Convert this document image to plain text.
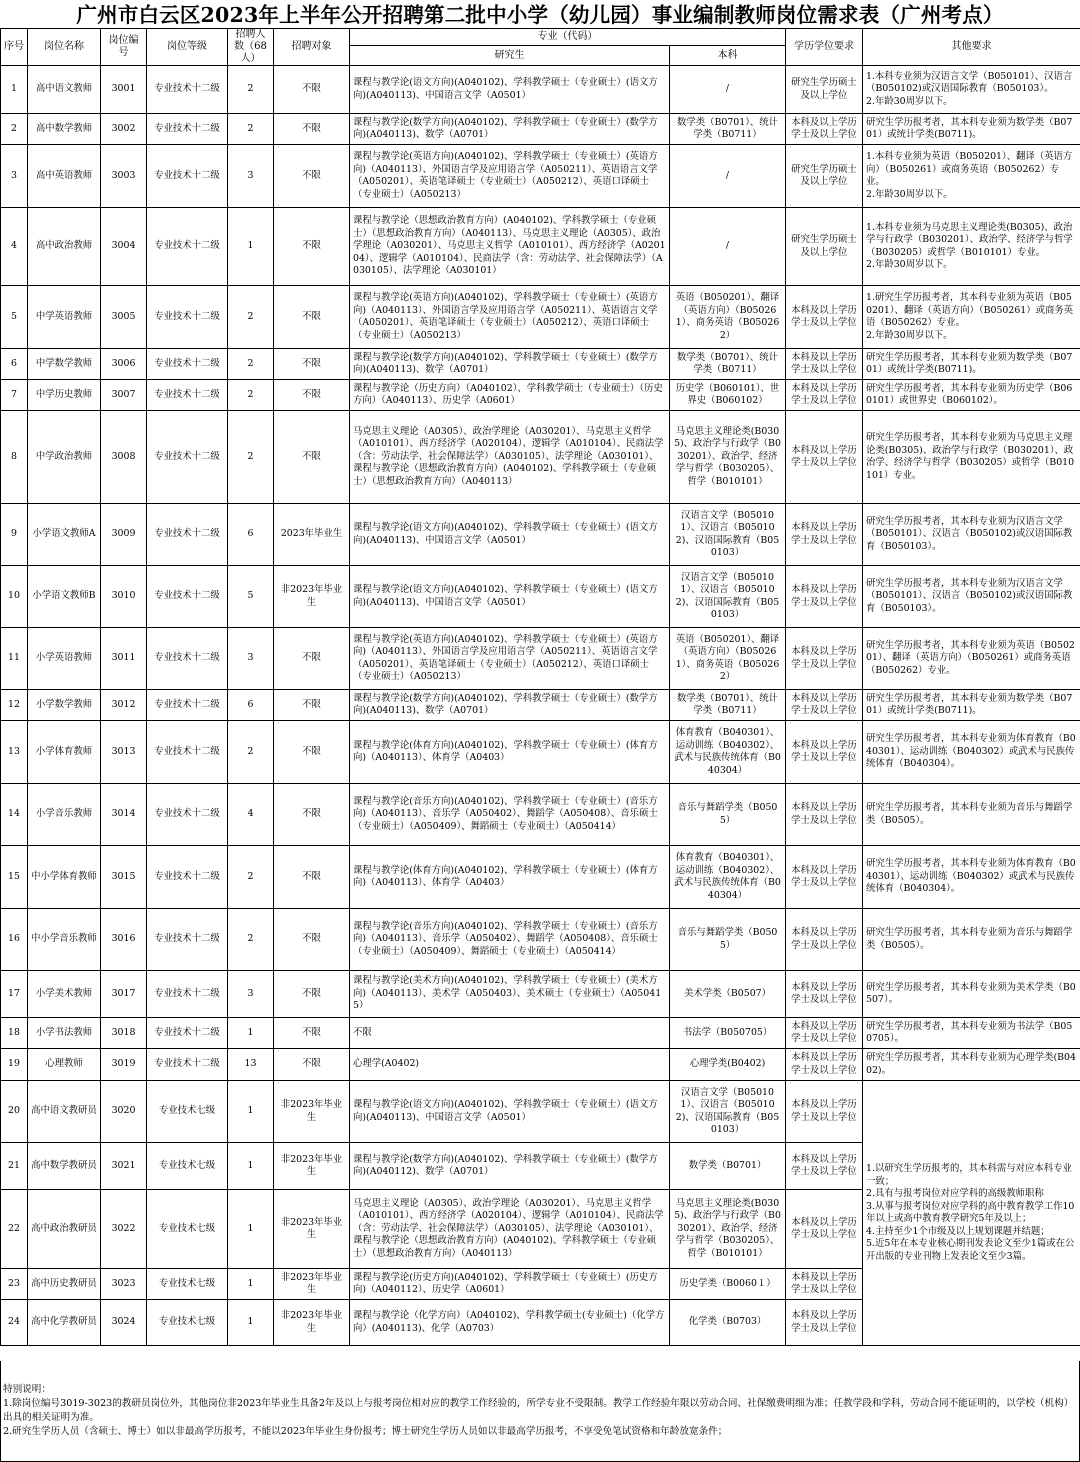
广州市白云区2023年上半年公开招聘第二批中小学（幼儿园）事业编制教师岗位需求表（广州考点）
序号	岗位名称	岗位编号	岗位等级	招聘人数（68人）	招聘对象	专业（代码）		学历学位要求	其他要求
						研究生	本科		
1	高中语文教师	3001	专业技术十二级	2	不限	课程与教学论(语文方向)(A040102)、学科教学硕士（专业硕士）(语文方向)(A040113)、中国语言文学（A0501）	/	研究生学历硕士及以上学位	1.本科专业须为汉语言文学（B050101）、汉语言（B050102)或汉语国际教育（B050103）。
2.年龄30周岁以下。
2	高中数学教师	3002	专业技术十二级	2	不限	课程与教学论(数学方向)(A040102)、学科教学硕士（专业硕士）(数学方向)(A040113)、数学（A0701）	数学类（B0701）、统计学类（B0711）	本科及以上学历学士及以上学位	研究生学历报考者，其本科专业须为数学类（B0701）或统计学类(B0711)。
3	高中英语教师	3003	专业技术十二级	3	不限	课程与教学论(英语方向)(A040102)、学科教学硕士（专业硕士）(英语方向)（A040113）、外国语言学及应用语言学（A050211）、英语语言文学（A050201）、英语笔译硕士（专业硕士）（A050212）、英语口译硕士（专业硕士）（A050213）	/	研究生学历硕士及以上学位	1.本科专业须为英语（B050201）、翻译（英语方向）（B050261）或商务英语（B050262）专业。
2.年龄30周岁以下。
4	高中政治教师	3004	专业技术十二级	1	不限	课程与教学论（思想政治教育方向）(A040102)、学科教学硕士（专业硕士）（思想政治教育方向）（A040113）、马克思主义理论（A0305）、政治学理论（A030201）、马克思主义哲学（A010101）、西方经济学（A020104）、逻辑学（A010104）、民商法学（含：劳动法学、社会保障法学）（A030105）、法学理论（A030101）	/	研究生学历硕士及以上学位	1.本科专业须为马克思主义理论类(B0305)、政治学与行政学（B030201）、政治学、经济学与哲学（B030205）或哲学（B010101）专业。
2.年龄30周岁以下。
5	中学英语教师	3005	专业技术十二级	2	不限	课程与教学论(英语方向)(A040102)、学科教学硕士（专业硕士）(英语方向)（A040113）、外国语言学及应用语言学（A050211）、英语语言文学（A050201）、英语笔译硕士（专业硕士）（A050212）、英语口译硕士（专业硕士）（A050213）	英语（B050201）、翻译（英语方向）（B050261）、商务英语（B050262）	本科及以上学历学士及以上学位	1.研究生学历报考者，其本科专业须为英语（B050201）、翻译（英语方向）（B050261）或商务英语（B050262）专业。
2.年龄30周岁以下。
6	中学数学教师	3006	专业技术十二级	2	不限	课程与教学论(数学方向)(A040102)、学科教学硕士（专业硕士）(数学方向)(A040113)、数学（A0701）	数学类（B0701）、统计学类（B0711）	本科及以上学历学士及以上学位	研究生学历报考者，其本科专业须为数学类（B0701）或统计学类(B0711)。
7	中学历史教师	3007	专业技术十二级	2	不限	课程与教学论（历史方向）（A040102）、学科教学硕士（专业硕士）（历史方向）（A040113）、历史学（A0601）	历史学（B060101）、世界史（B060102）	本科及以上学历学士及以上学位	研究生学历报考者，其本科专业须为历史学（B060101）或世界史（B060102）。
8	中学政治教师	3008	专业技术十二级	2	不限	马克思主义理论（A0305）、政治学理论（A030201）、马克思主义哲学（A010101）、西方经济学（A020104）、逻辑学（A010104）、民商法学（含：劳动法学、社会保障法学）（A030105）、法学理论（A030101）、课程与教学论（思想政治教育方向）(A040102)、学科教学硕士（专业硕士）（思想政治教育方向）（A040113）	马克思主义理论类(B0305)、政治学与行政学（B030201）、政治学、经济学与哲学（B030205）、哲学（B010101）	本科及以上学历学士及以上学位	研究生学历报考者，其本科专业须为马克思主义理论类(B0305)、政治学与行政学（B030201）、政治学、经济学与哲学（B030205）或哲学（B010101）专业。
9	小学语文教师A	3009	专业技术十二级	6	2023年毕业生	课程与教学论(语文方向)(A040102)、学科教学硕士（专业硕士）(语文方向)(A040113)、中国语言文学（A0501）	汉语言文学（B050101）、汉语言（B050102)、汉语国际教育（B050103）	本科及以上学历学士及以上学位	研究生学历报考者，其本科专业须为汉语言文学（B050101）、汉语言（B050102)或汉语国际教育（B050103）。
10	小学语文教师B	3010	专业技术十二级	5	非2023年毕业生	课程与教学论(语文方向)(A040102)、学科教学硕士（专业硕士）(语文方向)(A040113)、中国语言文学（A0501）	汉语言文学（B050101）、汉语言（B050102)、汉语国际教育（B050103）	本科及以上学历学士及以上学位	研究生学历报考者，其本科专业须为汉语言文学（B050101）、汉语言（B050102)或汉语国际教育（B050103）。
11	小学英语教师	3011	专业技术十二级	3	不限	课程与教学论(英语方向)(A040102)、学科教学硕士（专业硕士）(英语方向)（A040113）、外国语言学及应用语言学（A050211）、英语语言文学（A050201）、英语笔译硕士（专业硕士）（A050212）、英语口译硕士（专业硕士）（A050213）	英语（B050201）、翻译（英语方向）（B050261）、商务英语（B050262）	本科及以上学历学士及以上学位	研究生学历报考者，其本科专业须为英语（B050201）、翻译（英语方向）（B050261）或商务英语（B050262）专业。
12	小学数学教师	3012	专业技术十二级	6	不限	课程与教学论(数学方向)(A040102)、学科教学硕士（专业硕士）(数学方向)(A040113)、数学（A0701）	数学类（B0701）、统计学类（B0711）	本科及以上学历学士及以上学位	研究生学历报考者，其本科专业须为数学类（B0701）或统计学类(B0711)。
13	小学体育教师	3013	专业技术十二级	2	不限	课程与教学论(体育方向)(A040102)、学科教学硕士（专业硕士）(体育方向)（A040113）、体育学（A0403）	体育教育（B040301）、运动训练（B040302）、武术与民族传统体育（B040304）	本科及以上学历学士及以上学位	研究生学历报考者，其本科专业须为体育教育（B040301）、运动训练（B040302）或武术与民族传统体育（B040304）。
14	小学音乐教师	3014	专业技术十二级	4	不限	课程与教学论(音乐方向)(A040102)、学科教学硕士（专业硕士）(音乐方向)（A040113）、音乐学（A050402）、舞蹈学（A050408）、音乐硕士（专业硕士）（A050409）、舞蹈硕士（专业硕士）（A050414）	音乐与舞蹈学类（B0505）	本科及以上学历学士及以上学位	研究生学历报考者，其本科专业须为音乐与舞蹈学类（B0505）。
15	中小学体育教师	3015	专业技术十二级	2	不限	课程与教学论(体育方向)(A040102)、学科教学硕士（专业硕士）(体育方向)（A040113）、体育学（A0403）	体育教育（B040301）、运动训练（B040302）、武术与民族传统体育（B040304）	本科及以上学历学士及以上学位	研究生学历报考者，其本科专业须为体育教育（B040301）、运动训练（B040302）或武术与民族传统体育（B040304）。
16	中小学音乐教师	3016	专业技术十二级	2	不限	课程与教学论(音乐方向)(A040102)、学科教学硕士（专业硕士）(音乐方向)（A040113）、音乐学（A050402）、舞蹈学（A050408）、音乐硕士（专业硕士）（A050409）、舞蹈硕士（专业硕士）（A050414）	音乐与舞蹈学类（B0505）	本科及以上学历学士及以上学位	研究生学历报考者，其本科专业须为音乐与舞蹈学类（B0505）。
17	小学美术教师	3017	专业技术十二级	3	不限	课程与教学论(美术方向)(A040102)、学科教学硕士（专业硕士）(美术方向)（A040113）、美术学（A050403）、美术硕士（专业硕士）（A050415）	美术学类（B0507）	本科及以上学历学士及以上学位	研究生学历报考者，其本科专业须为美术学类（B0507）。
18	小学书法教师	3018	专业技术十二级	1	不限	不限	书法学（B050705）	本科及以上学历学士及以上学位	研究生学历报考者，其本科专业须为书法学（B050705）。
19	心理教师	3019	专业技术十二级	13	不限	心理学(A0402)	心理学类(B0402)	本科及以上学历学士及以上学位	研究生学历报考者，其本科专业须为心理学类(B0402)。
20	高中语文教研员	3020	专业技术七级	1	非2023年毕业生	课程与教学论(语文方向)(A040102)、学科教学硕士（专业硕士）(语文方向)(A040113)、中国语言文学（A0501）	汉语言文学（B050101）、汉语言（B050102)、汉语国际教育（B050103）	本科及以上学历学士及以上学位	1.以研究生学历报考的，其本科需与对应本科专业一致；
2.具有与报考岗位对应学科的高级教师职称
3.从事与报考岗位对应学科的高中教育教学工作10年以上或高中教育教学研究5年及以上；
4.主持至少1个市级及以上规划课题并结题；
5.近5年在本专业核心期刊发表论文至少1篇或在公开出版的专业刊物上发表论文至少3篇。
21	高中数学教研员	3021	专业技术七级	1	非2023年毕业生	课程与教学论(数学方向)(A040102)、学科教学硕士（专业硕士）(数学方向)(A040112)、数学（A0701）	数学类（B0701）	本科及以上学历学士及以上学位	
22	高中政治教研员	3022	专业技术七级	1	非2023年毕业生	马克思主义理论（A0305）、政治学理论（A030201）、马克思主义哲学（A010101）、西方经济学（A020104）、逻辑学（A010104）、民商法学（含：劳动法学、社会保障法学）（A030105）、法学理论（A030101）、课程与教学论（思想政治教育方向）(A040102)、学科教学硕士（专业硕士）（思想政治教育方向）（A040113）	马克思主义理论类(B0305)、政治学与行政学（B030201）、政治学、经济学与哲学（B030205）、哲学（B010101）	本科及以上学历学士及以上学位	
23	高中历史教研员	3023	专业技术七级	1	非2023年毕业生	课程与教学论(历史方向)(A040102)、学科教学硕士（专业硕士）(历史方向)（A040112）、历史学（A0601）	历史学类（B0060１）	本科及以上学历学士及以上学位	
24	高中化学教研员	3024	专业技术七级	1	非2023年毕业生	课程与教学论（化学方向）（A040102)、学科教学硕士(专业硕士)（化学方向）(A040113)、化学（A0703）	化学类（B0703）	本科及以上学历学士及以上学位	
特别说明：
1.除岗位编号3019-3023的教研员岗位外，其他岗位非2023年毕业生具备2年及以上与报考岗位相对应的教学工作经验的，所学专业不受限制。教学工作经验年限以劳动合同、社保缴费明细为准；任教学段和学科，劳动合同不能证明的，以学校（机构）出具的相关证明为准。
2.研究生学历人员（含硕士、博士）如以非最高学历报考，不能以2023年毕业生身份报考；博士研究生学历人员如以非最高学历报考，不享受免笔试资格和年龄放宽条件；
